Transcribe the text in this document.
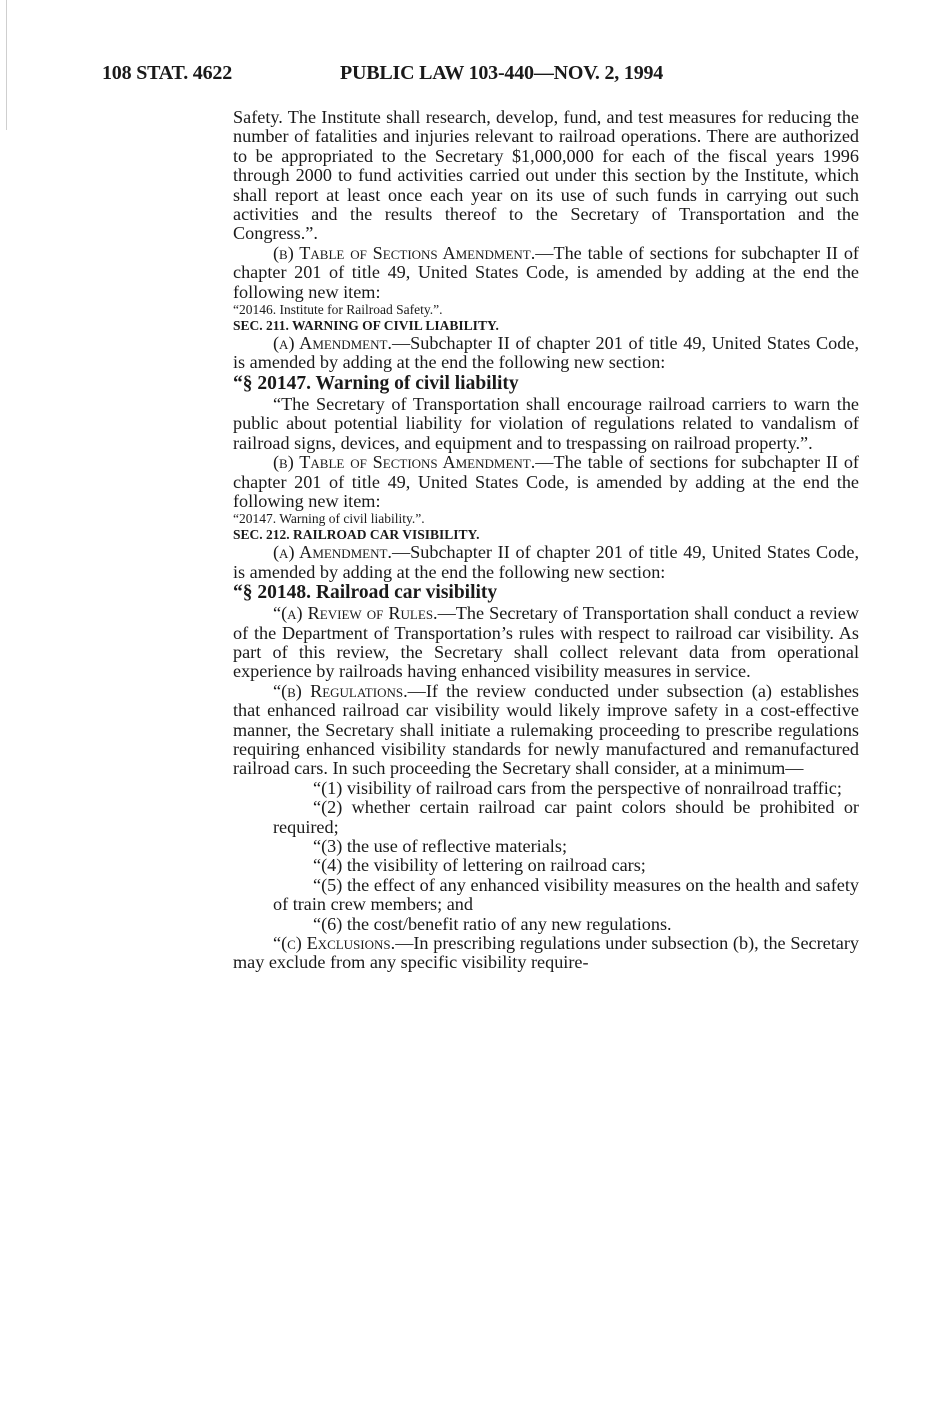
108 STAT. 4622	PUBLIC LAW 103-440—NOV. 2, 1994

Safety. The Institute shall research, develop, fund, and test measures for reducing the number of fatalities and injuries relevant to railroad operations. There are authorized to be appropriated to the Secretary $1,000,000 for each of the fiscal years 1996 through 2000 to fund activities carried out under this section by the Institute, which shall report at least once each year on its use of such funds in carrying out such activities and the results thereof to the Secretary of Transportation and the Congress.”.

(b) Table of Sections Amendment.—The table of sections for subchapter II of chapter 201 of title 49, United States Code, is amended by adding at the end the following new item:

“20146. Institute for Railroad Safety.”.

SEC. 211. WARNING OF CIVIL LIABILITY.

(a) Amendment.—Subchapter II of chapter 201 of title 49, United States Code, is amended by adding at the end the following new section:

“§ 20147. Warning of civil liability

“The Secretary of Transportation shall encourage railroad carriers to warn the public about potential liability for violation of regulations related to vandalism of railroad signs, devices, and equipment and to trespassing on railroad property.”.

(b) Table of Sections Amendment.—The table of sections for subchapter II of chapter 201 of title 49, United States Code, is amended by adding at the end the following new item:

“20147. Warning of civil liability.”.

SEC. 212. RAILROAD CAR VISIBILITY.

(a) Amendment.—Subchapter II of chapter 201 of title 49, United States Code, is amended by adding at the end the following new section:

“§ 20148. Railroad car visibility

“(a) Review of Rules.—The Secretary of Transportation shall conduct a review of the Department of Transportation’s rules with respect to railroad car visibility. As part of this review, the Secretary shall collect relevant data from operational experience by railroads having enhanced visibility measures in service.

“(b) Regulations.—If the review conducted under subsection (a) establishes that enhanced railroad car visibility would likely improve safety in a cost-effective manner, the Secretary shall initiate a rulemaking proceeding to prescribe regulations requiring enhanced visibility standards for newly manufactured and remanufactured railroad cars. In such proceeding the Secretary shall consider, at a minimum—

“(1) visibility of railroad cars from the perspective of nonrailroad traffic;

“(2) whether certain railroad car paint colors should be prohibited or required;

“(3) the use of reflective materials;

“(4) the visibility of lettering on railroad cars;

“(5) the effect of any enhanced visibility measures on the health and safety of train crew members; and

“(6) the cost/benefit ratio of any new regulations.

“(c) Exclusions.—In prescribing regulations under subsection (b), the Secretary may exclude from any specific visibility require-
